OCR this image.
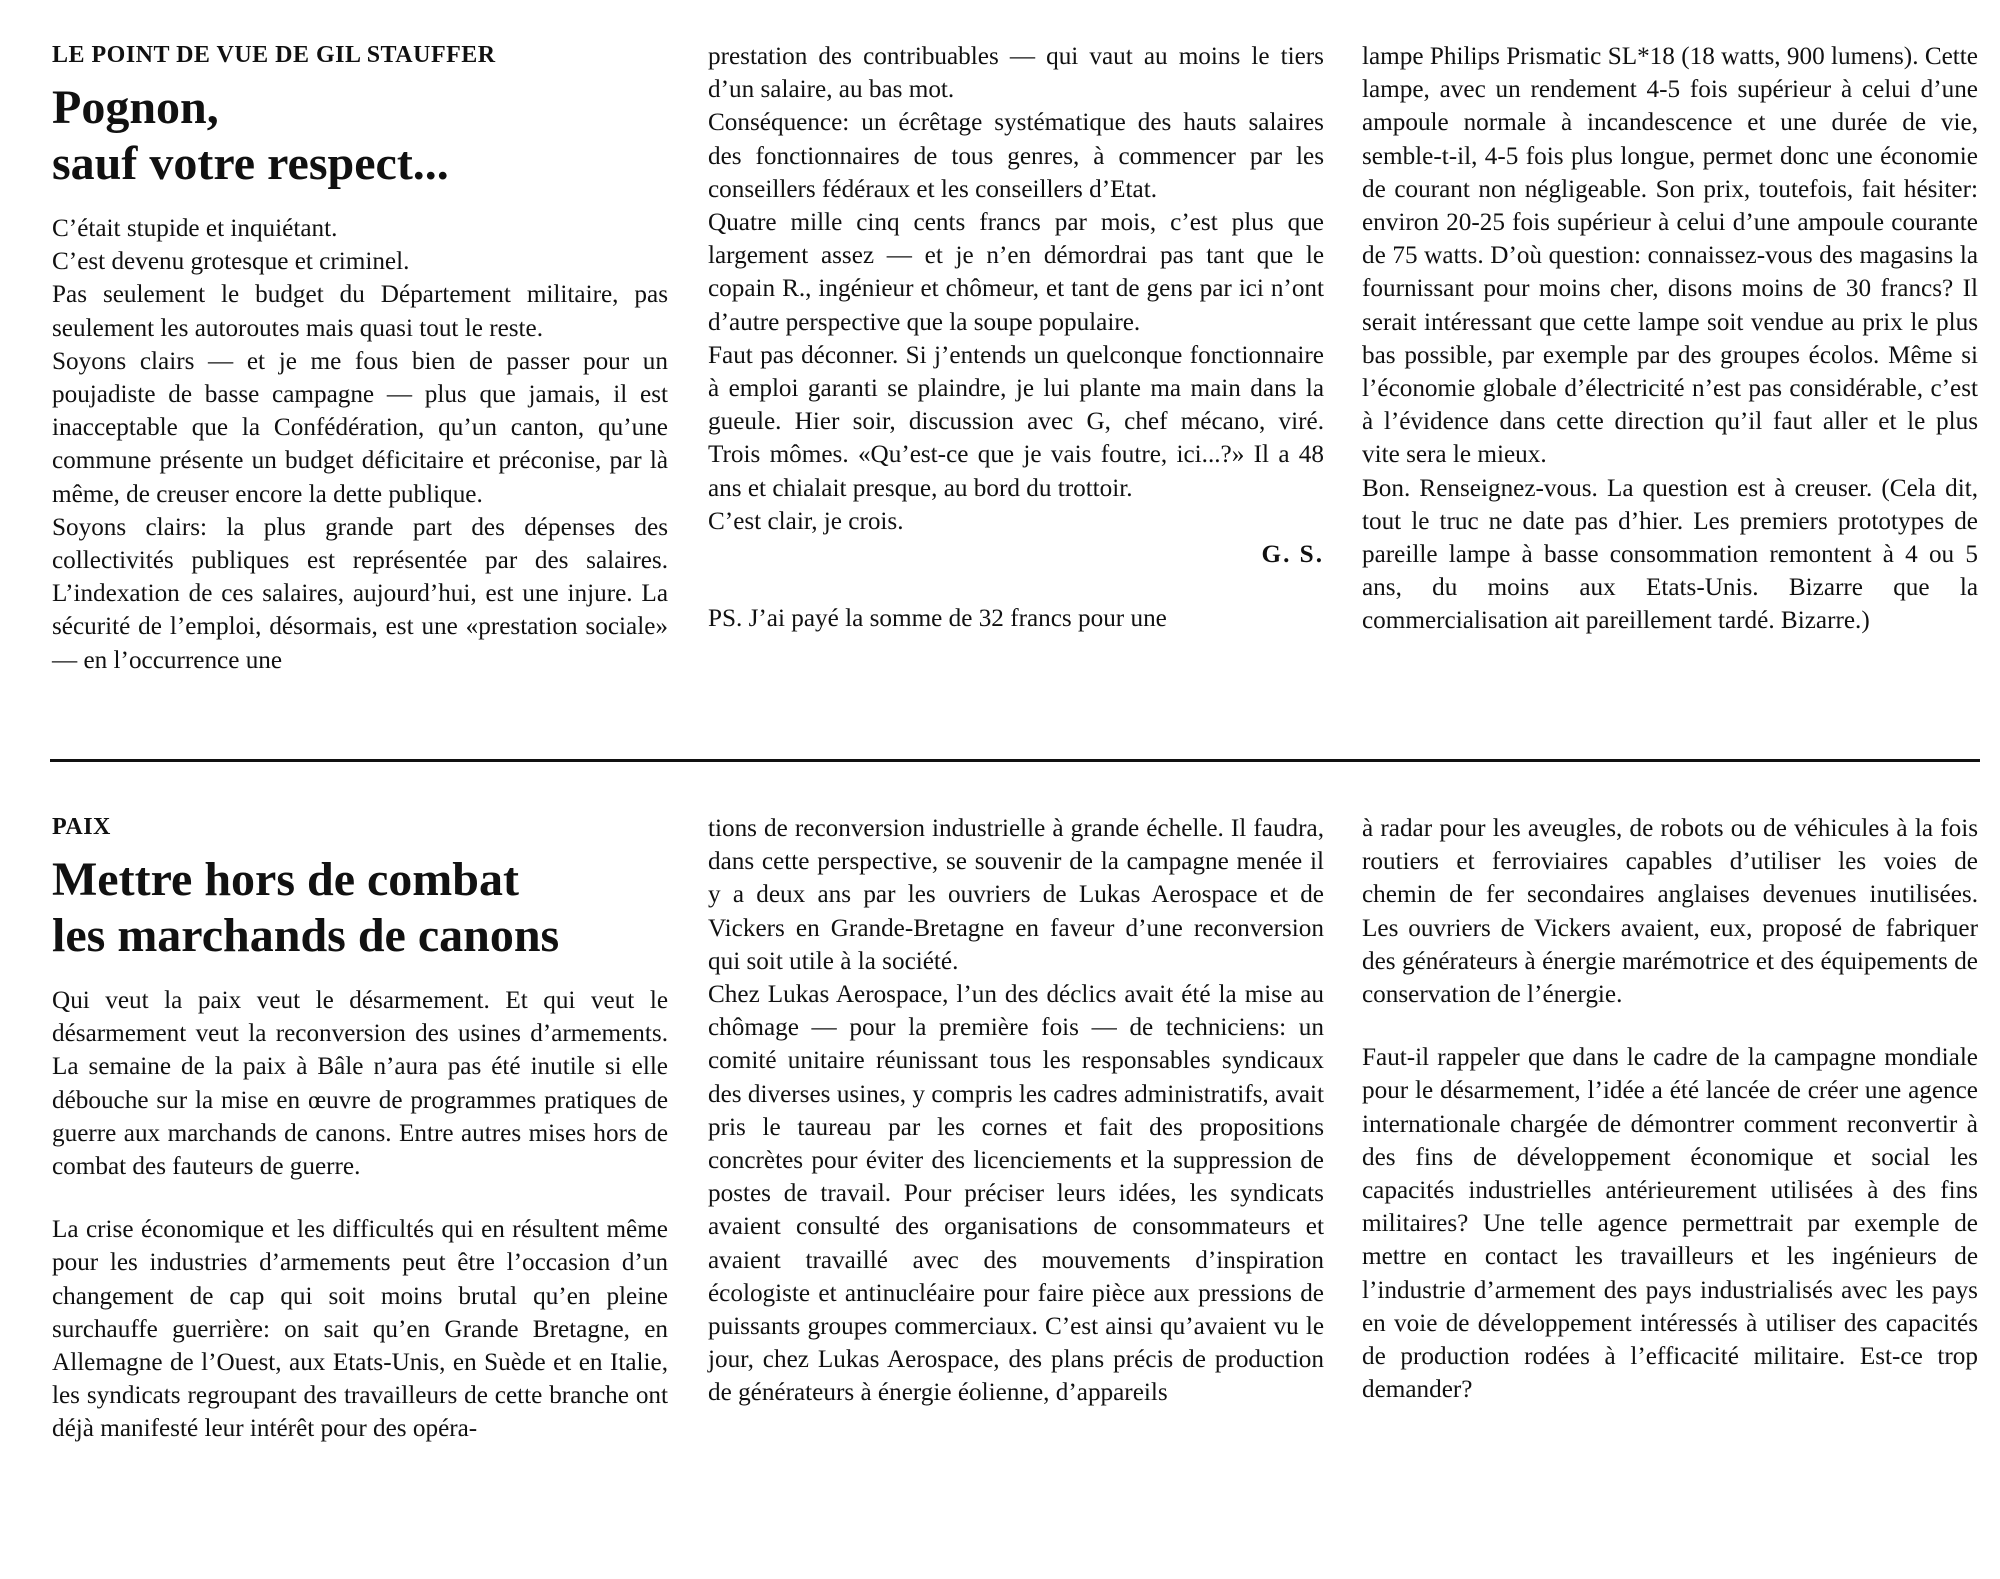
LE POINT DE VUE DE GIL STAUFFER
Pognon,
sauf votre respect...

C’était stupide et inquiétant.

C’est devenu grotesque et criminel.

Pas seulement le budget du Département militaire, pas seulement les autoroutes mais quasi tout le reste.

Soyons clairs — et je me fous bien de passer pour un poujadiste de basse campagne — plus que jamais, il est inacceptable que la Confédération, qu’un canton, qu’une commune présente un budget déficitaire et préconise, par là même, de creuser encore la dette publique.

Soyons clairs: la plus grande part des dépenses des collectivités publiques est représentée par des salaires. L’indexation de ces salaires, aujourd’hui, est une injure. La sécurité de l’emploi, désormais, est une «prestation sociale» — en l’occurrence une

prestation des contribuables — qui vaut au moins le tiers d’un salaire, au bas mot.

Conséquence: un écrêtage systématique des hauts salaires des fonctionnaires de tous genres, à commencer par les conseillers fédéraux et les conseillers d’Etat.

Quatre mille cinq cents francs par mois, c’est plus que largement assez — et je n’en démordrai pas tant que le copain R., ingénieur et chômeur, et tant de gens par ici n’ont d’autre perspective que la soupe populaire.

Faut pas déconner. Si j’entends un quelconque fonctionnaire à emploi garanti se plaindre, je lui plante ma main dans la gueule. Hier soir, discussion avec G, chef mécano, viré. Trois mômes. «Qu’est-ce que je vais foutre, ici...?» Il a 48 ans et chialait presque, au bord du trottoir.

C’est clair, je crois.

G. S.

PS. J’ai payé la somme de 32 francs pour une

lampe Philips Prismatic SL*18 (18 watts, 900 lumens). Cette lampe, avec un rendement 4-5 fois supérieur à celui d’une ampoule normale à incandescence et une durée de vie, semble-t-il, 4-5 fois plus longue, permet donc une économie de courant non négligeable. Son prix, toutefois, fait hésiter: environ 20-25 fois supérieur à celui d’une ampoule courante de 75 watts. D’où question: connaissez-vous des magasins la fournissant pour moins cher, disons moins de 30 francs? Il serait intéressant que cette lampe soit vendue au prix le plus bas possible, par exemple par des groupes écolos. Même si l’économie globale d’électricité n’est pas considérable, c’est à l’évidence dans cette direction qu’il faut aller et le plus vite sera le mieux.

Bon. Renseignez-vous. La question est à creuser. (Cela dit, tout le truc ne date pas d’hier. Les premiers prototypes de pareille lampe à basse consommation remontent à 4 ou 5 ans, du moins aux Etats-Unis. Bizarre que la commercialisation ait pareillement tardé. Bizarre.)

PAIX
Mettre hors de combat
les marchands de canons

Qui veut la paix veut le désarmement. Et qui veut le désarmement veut la reconversion des usines d’armements. La semaine de la paix à Bâle n’aura pas été inutile si elle débouche sur la mise en œuvre de programmes pratiques de guerre aux marchands de canons. Entre autres mises hors de combat des fauteurs de guerre.

La crise économique et les difficultés qui en résultent même pour les industries d’armements peut être l’occasion d’un changement de cap qui soit moins brutal qu’en pleine surchauffe guerrière: on sait qu’en Grande Bretagne, en Allemagne de l’Ouest, aux Etats-Unis, en Suède et en Italie, les syndicats regroupant des travailleurs de cette branche ont déjà manifesté leur intérêt pour des opéra-

tions de reconversion industrielle à grande échelle. Il faudra, dans cette perspective, se souvenir de la campagne menée il y a deux ans par les ouvriers de Lukas Aerospace et de Vickers en Grande-Bretagne en faveur d’une reconversion qui soit utile à la société.

Chez Lukas Aerospace, l’un des déclics avait été la mise au chômage — pour la première fois — de techniciens: un comité unitaire réunissant tous les responsables syndicaux des diverses usines, y compris les cadres administratifs, avait pris le taureau par les cornes et fait des propositions concrètes pour éviter des licenciements et la suppression de postes de travail. Pour préciser leurs idées, les syndicats avaient consulté des organisations de consommateurs et avaient travaillé avec des mouvements d’inspiration écologiste et antinucléaire pour faire pièce aux pressions de puissants groupes commerciaux. C’est ainsi qu’avaient vu le jour, chez Lukas Aerospace, des plans précis de production de générateurs à énergie éolienne, d’appareils

à radar pour les aveugles, de robots ou de véhicules à la fois routiers et ferroviaires capables d’utiliser les voies de chemin de fer secondaires anglaises devenues inutilisées. Les ouvriers de Vickers avaient, eux, proposé de fabriquer des générateurs à énergie marémotrice et des équipements de conservation de l’énergie.

Faut-il rappeler que dans le cadre de la campagne mondiale pour le désarmement, l’idée a été lancée de créer une agence internationale chargée de démontrer comment reconvertir à des fins de développement économique et social les capacités industrielles antérieurement utilisées à des fins militaires? Une telle agence permettrait par exemple de mettre en contact les travailleurs et les ingénieurs de l’industrie d’armement des pays industrialisés avec les pays en voie de développement intéressés à utiliser des capacités de production rodées à l’efficacité militaire. Est-ce trop demander?
